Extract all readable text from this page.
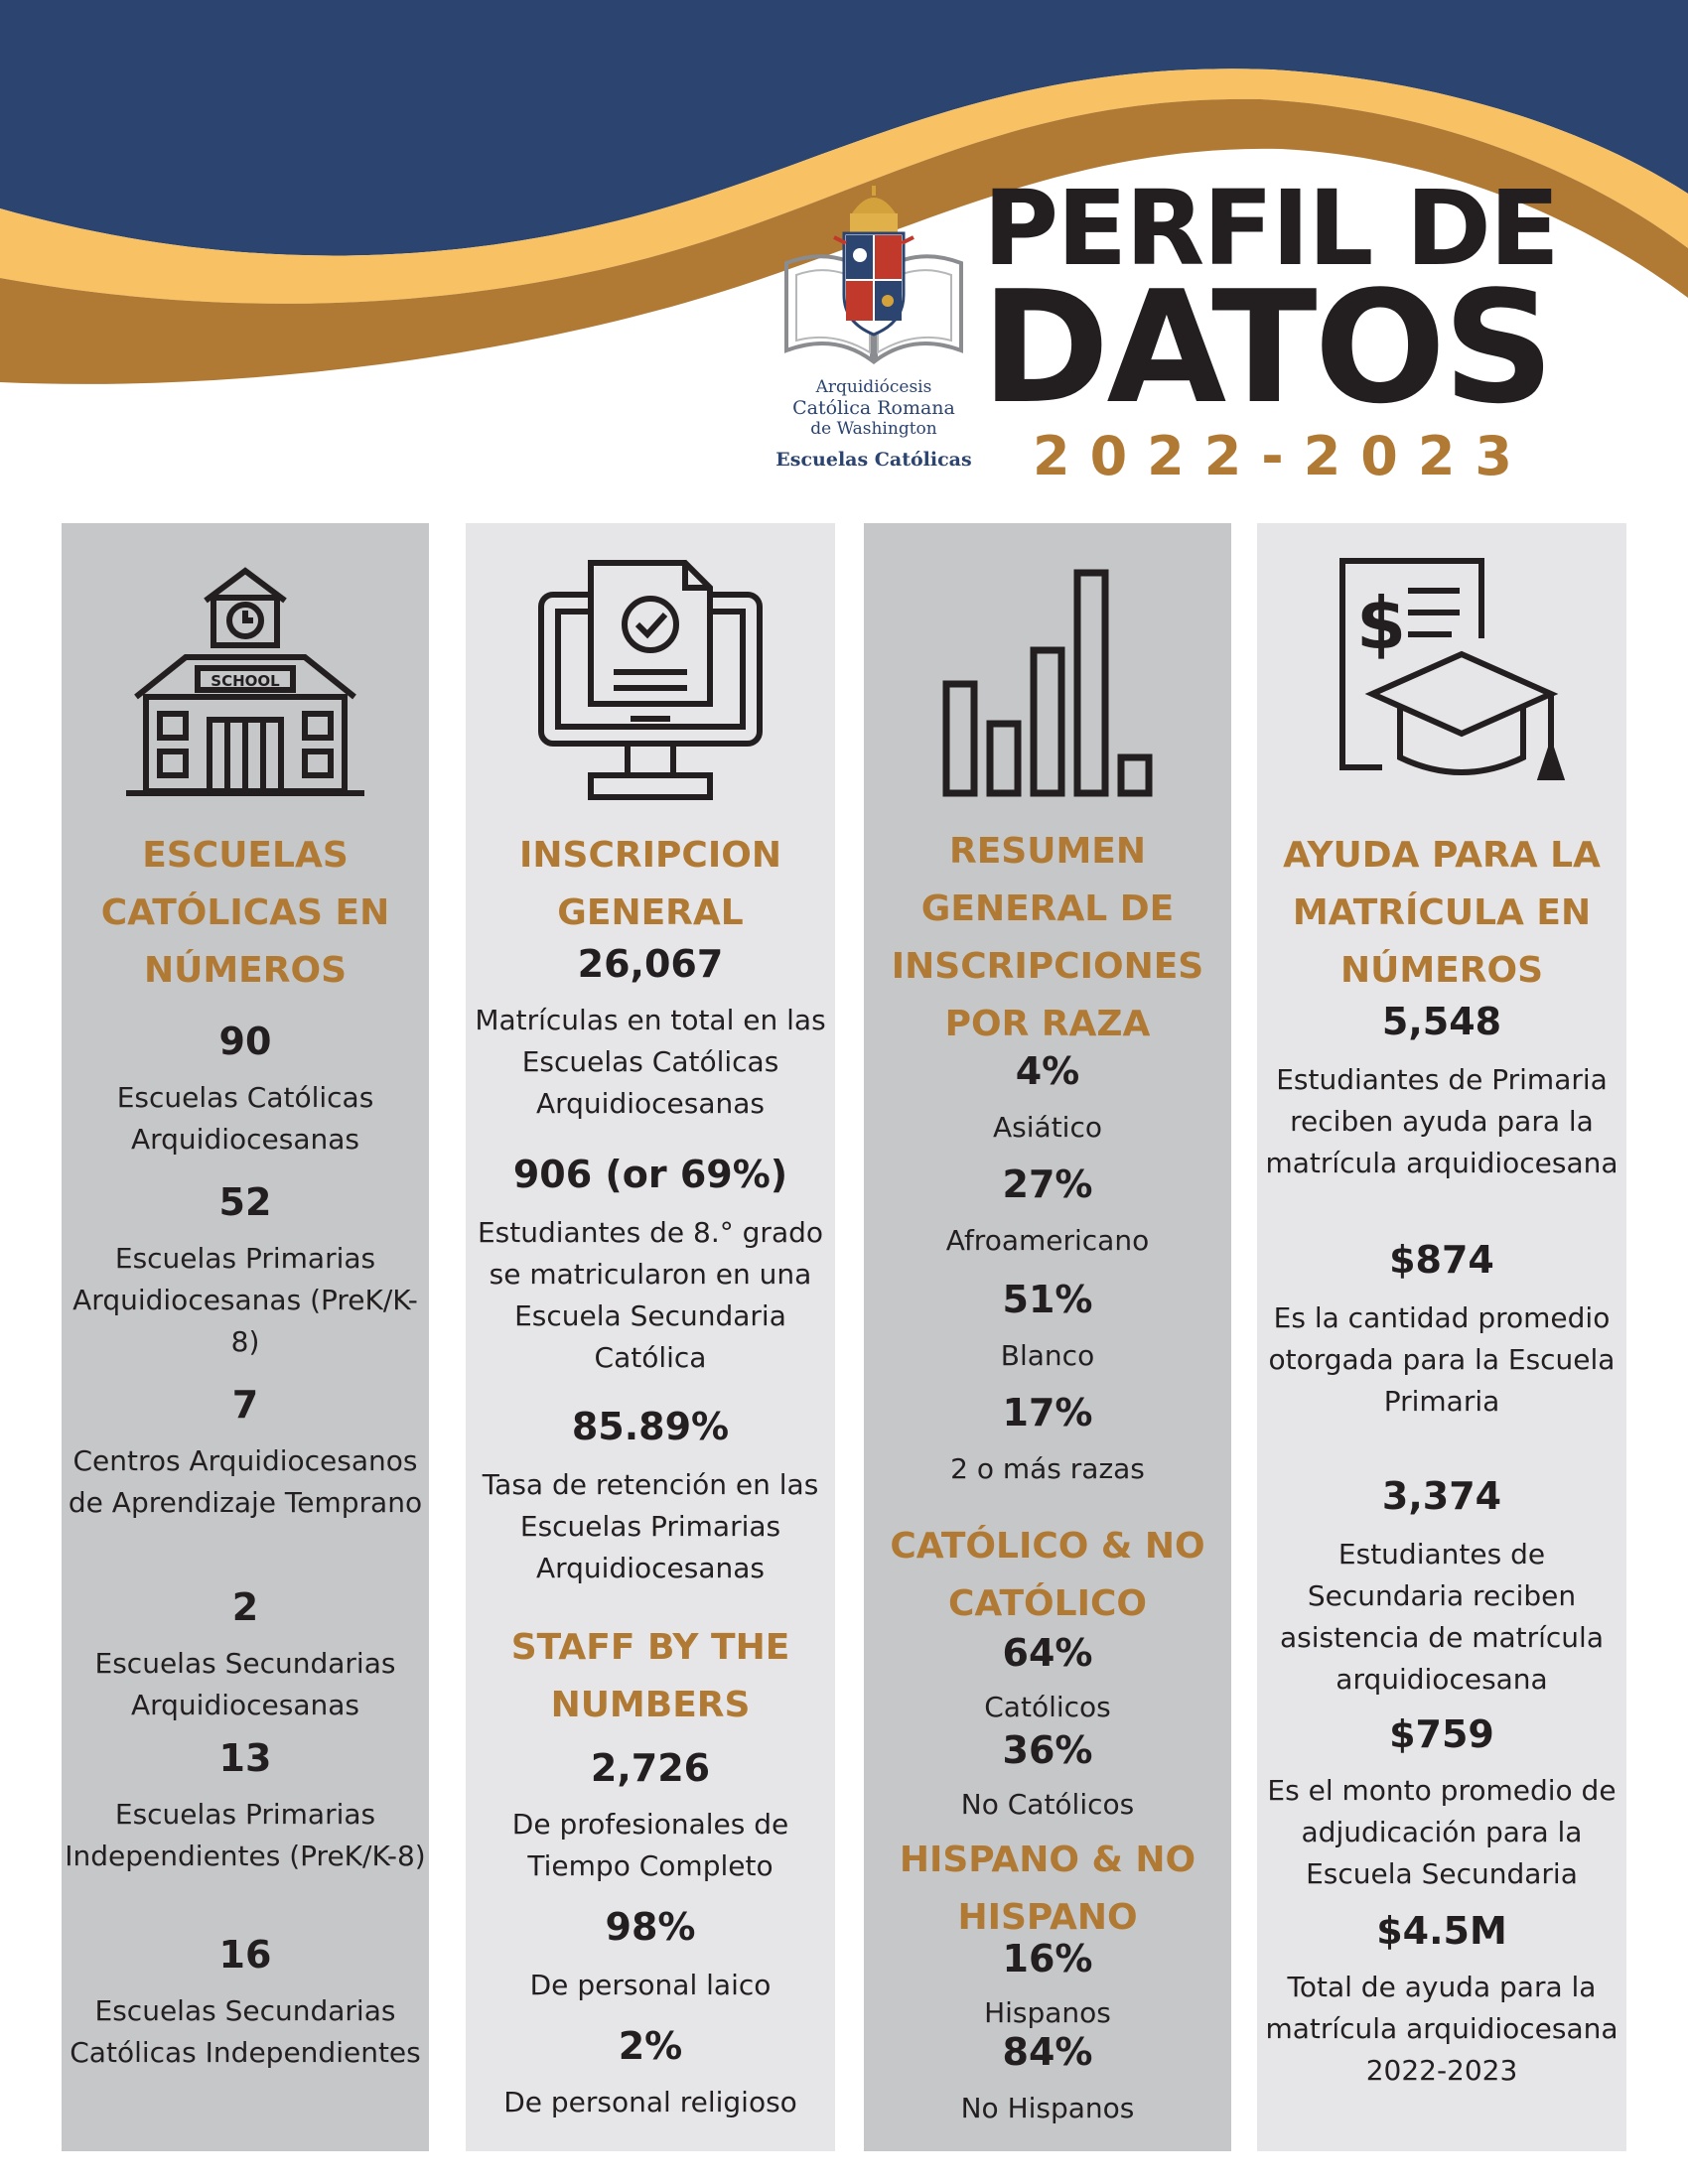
Arquidiócesis
Católica Romana
de Washington
Escuelas Católicas
PERFIL DE
DATOS
2022-2023
SCHOOL
ESCUELAS CATÓLICAS EN NÚMEROS
90
Escuelas Católicas Arquidiocesanas
52
Escuelas Primarias Arquidiocesanas (PreK/K-8)
7
Centros Arquidiocesanos de Aprendizaje Temprano
2
Escuelas Secundarias Arquidiocesanas
13
Escuelas Primarias Independientes (PreK/K-8)
16
Escuelas Secundarias Católicas Independientes
INSCRIPCION GENERAL
26,067
Matrículas en total en las Escuelas Católicas Arquidiocesanas
906 (or 69%)
Estudiantes de 8.° grado se matricularon en una Escuela Secundaria Católica
85.89%
Tasa de retención en las Escuelas Primarias Arquidiocesanas
STAFF BY THE NUMBERS
2,726
De profesionales de Tiempo Completo
98%
De personal laico
2%
De personal religioso
RESUMEN GENERAL DE INSCRIPCIONES POR RAZA
4%
Asiático
27%
Afroamericano
51%
Blanco
17%
2 o más razas
CATÓLICO & NO CATÓLICO
64%
Católicos
36%
No Católicos
HISPANO & NO HISPANO
16%
Hispanos
84%
No Hispanos
$
AYUDA PARA LA MATRÍCULA EN NÚMEROS
5,548
Estudiantes de Primaria reciben ayuda para la matrícula arquidiocesana
$874
Es la cantidad promedio otorgada para la Escuela Primaria
3,374
Estudiantes de Secundaria reciben asistencia de matrícula arquidiocesana
$759
Es el monto promedio de adjudicación para la Escuela Secundaria
$4.5M
Total de ayuda para la matrícula arquidiocesana 2022-2023
